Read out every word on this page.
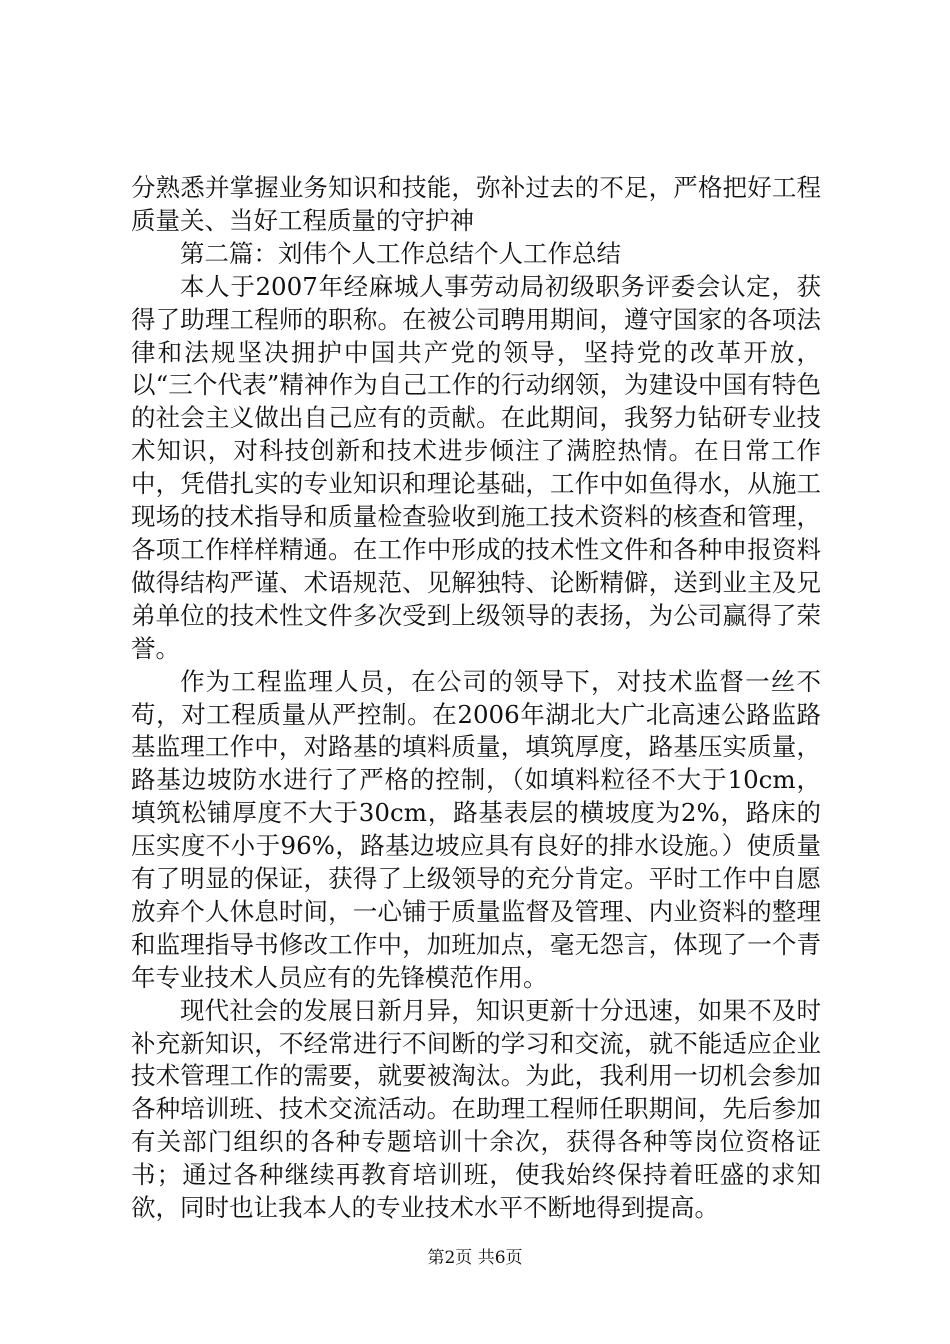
分熟悉并掌握业务知识和技能，弥补过去的不足，严格把好工程质量关、当好工程质量的守护神

第二篇：刘伟个人工作总结个人工作总结

本人于2007年经麻城人事劳动局初级职务评委会认定，获得了助理工程师的职称。在被公司聘用期间，遵守国家的各项法律和法规坚决拥护中国共产党的领导，坚持党的改革开放，以“三个代表”精神作为自己工作的行动纲领，为建设中国有特色的社会主义做出自己应有的贡献。在此期间，我努力钻研专业技术知识，对科技创新和技术进步倾注了满腔热情。在日常工作中，凭借扎实的专业知识和理论基础，工作中如鱼得水，从施工现场的技术指导和质量检查验收到施工技术资料的核查和管理，各项工作样样精通。在工作中形成的技术性文件和各种申报资料做得结构严谨、术语规范、见解独特、论断精僻，送到业主及兄弟单位的技术性文件多次受到上级领导的表扬，为公司赢得了荣誉。

作为工程监理人员，在公司的领导下，对技术监督一丝不苟，对工程质量从严控制。在2006年湖北大广北高速公路监路基监理工作中，对路基的填料质量，填筑厚度，路基压实质量，路基边坡防水进行了严格的控制，（如填料粒径不大于10cm，填筑松铺厚度不大于30cm，路基表层的横坡度为2%，路床的压实度不小于96%，路基边坡应具有良好的排水设施。）使质量有了明显的保证，获得了上级领导的充分肯定。平时工作中自愿放弃个人休息时间，一心铺于质量监督及管理、内业资料的整理和监理指导书修改工作中，加班加点，毫无怨言，体现了一个青年专业技术人员应有的先锋模范作用。

现代社会的发展日新月异，知识更新十分迅速，如果不及时补充新知识，不经常进行不间断的学习和交流，就不能适应企业技术管理工作的需要，就要被淘汰。为此，我利用一切机会参加各种培训班、技术交流活动。在助理工程师任职期间，先后参加有关部门组织的各种专题培训十余次，获得各种等岗位资格证书；通过各种继续再教育培训班，使我始终保持着旺盛的求知欲，同时也让我本人的专业技术水平不断地得到提高。

第2页 共6页
